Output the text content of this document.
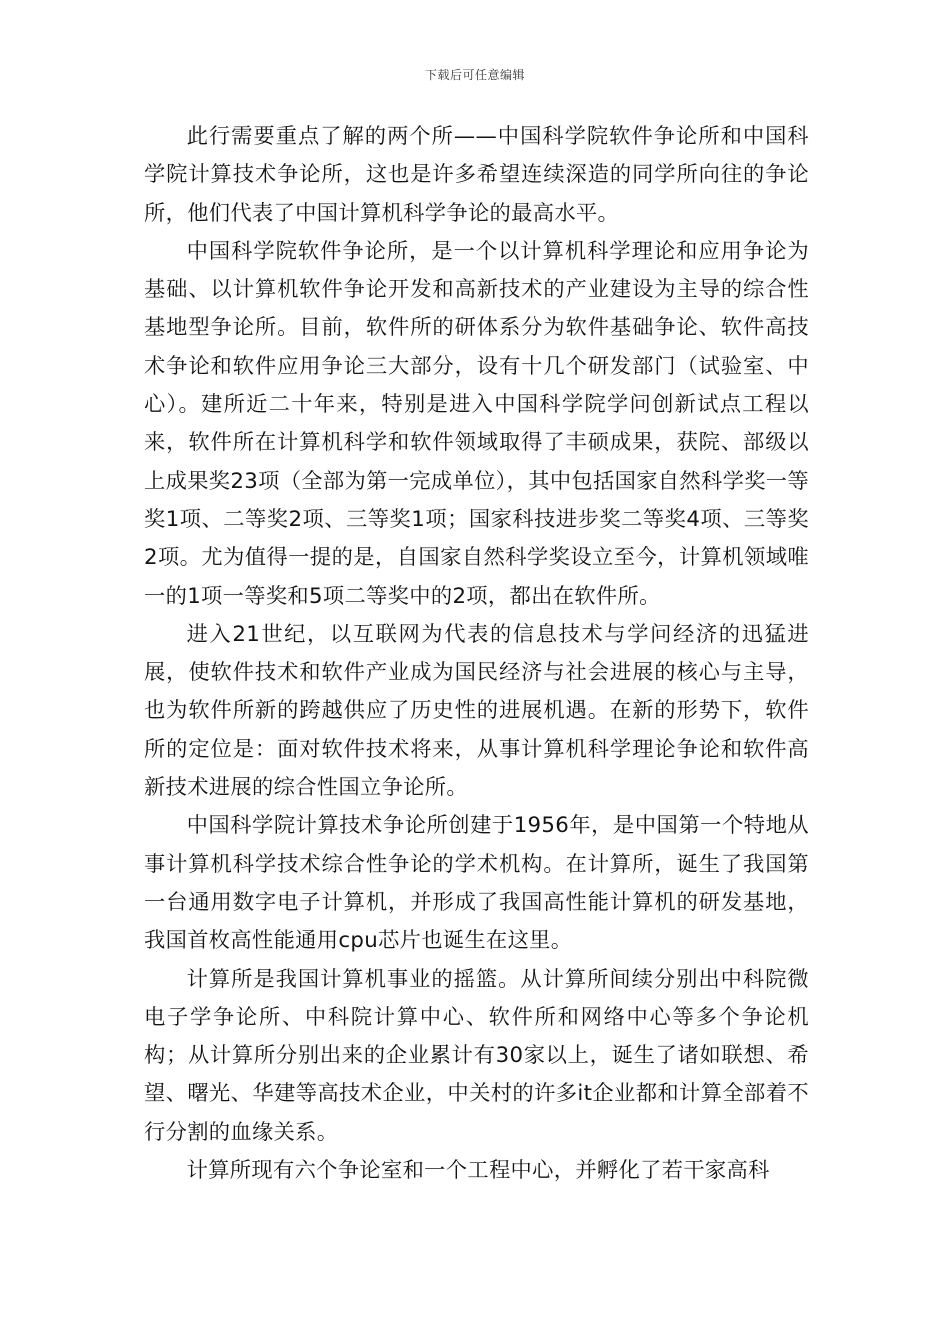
下载后可任意编辑

此行需要重点了解的两个所——中国科学院软件争论所和中国科学院计算技术争论所，这也是许多希望连续深造的同学所向往的争论所，他们代表了中国计算机科学争论的最高水平。

中国科学院软件争论所，是一个以计算机科学理论和应用争论为基础、以计算机软件争论开发和高新技术的产业建设为主导的综合性基地型争论所。目前，软件所的研体系分为软件基础争论、软件高技术争论和软件应用争论三大部分，设有十几个研发部门（试验室、中心）。建所近二十年来，特别是进入中国科学院学问创新试点工程以来，软件所在计算机科学和软件领域取得了丰硕成果，获院、部级以上成果奖23项（全部为第一完成单位），其中包括国家自然科学奖一等奖1项、二等奖2项、三等奖1项；国家科技进步奖二等奖4项、三等奖2项。尤为值得一提的是，自国家自然科学奖设立至今，计算机领域唯一的1项一等奖和5项二等奖中的2项，都出在软件所。

进入21世纪，以互联网为代表的信息技术与学问经济的迅猛进展，使软件技术和软件产业成为国民经济与社会进展的核心与主导，也为软件所新的跨越供应了历史性的进展机遇。在新的形势下，软件所的定位是：面对软件技术将来，从事计算机科学理论争论和软件高新技术进展的综合性国立争论所。

中国科学院计算技术争论所创建于1956年，是中国第一个特地从事计算机科学技术综合性争论的学术机构。在计算所，诞生了我国第一台通用数字电子计算机，并形成了我国高性能计算机的研发基地，我国首枚高性能通用cpu芯片也诞生在这里。

计算所是我国计算机事业的摇篮。从计算所间续分别出中科院微电子学争论所、中科院计算中心、软件所和网络中心等多个争论机构；从计算所分别出来的企业累计有30家以上，诞生了诸如联想、希望、曙光、华建等高技术企业，中关村的许多it企业都和计算全部着不行分割的血缘关系。

计算所现有六个争论室和一个工程中心，并孵化了若干家高科
